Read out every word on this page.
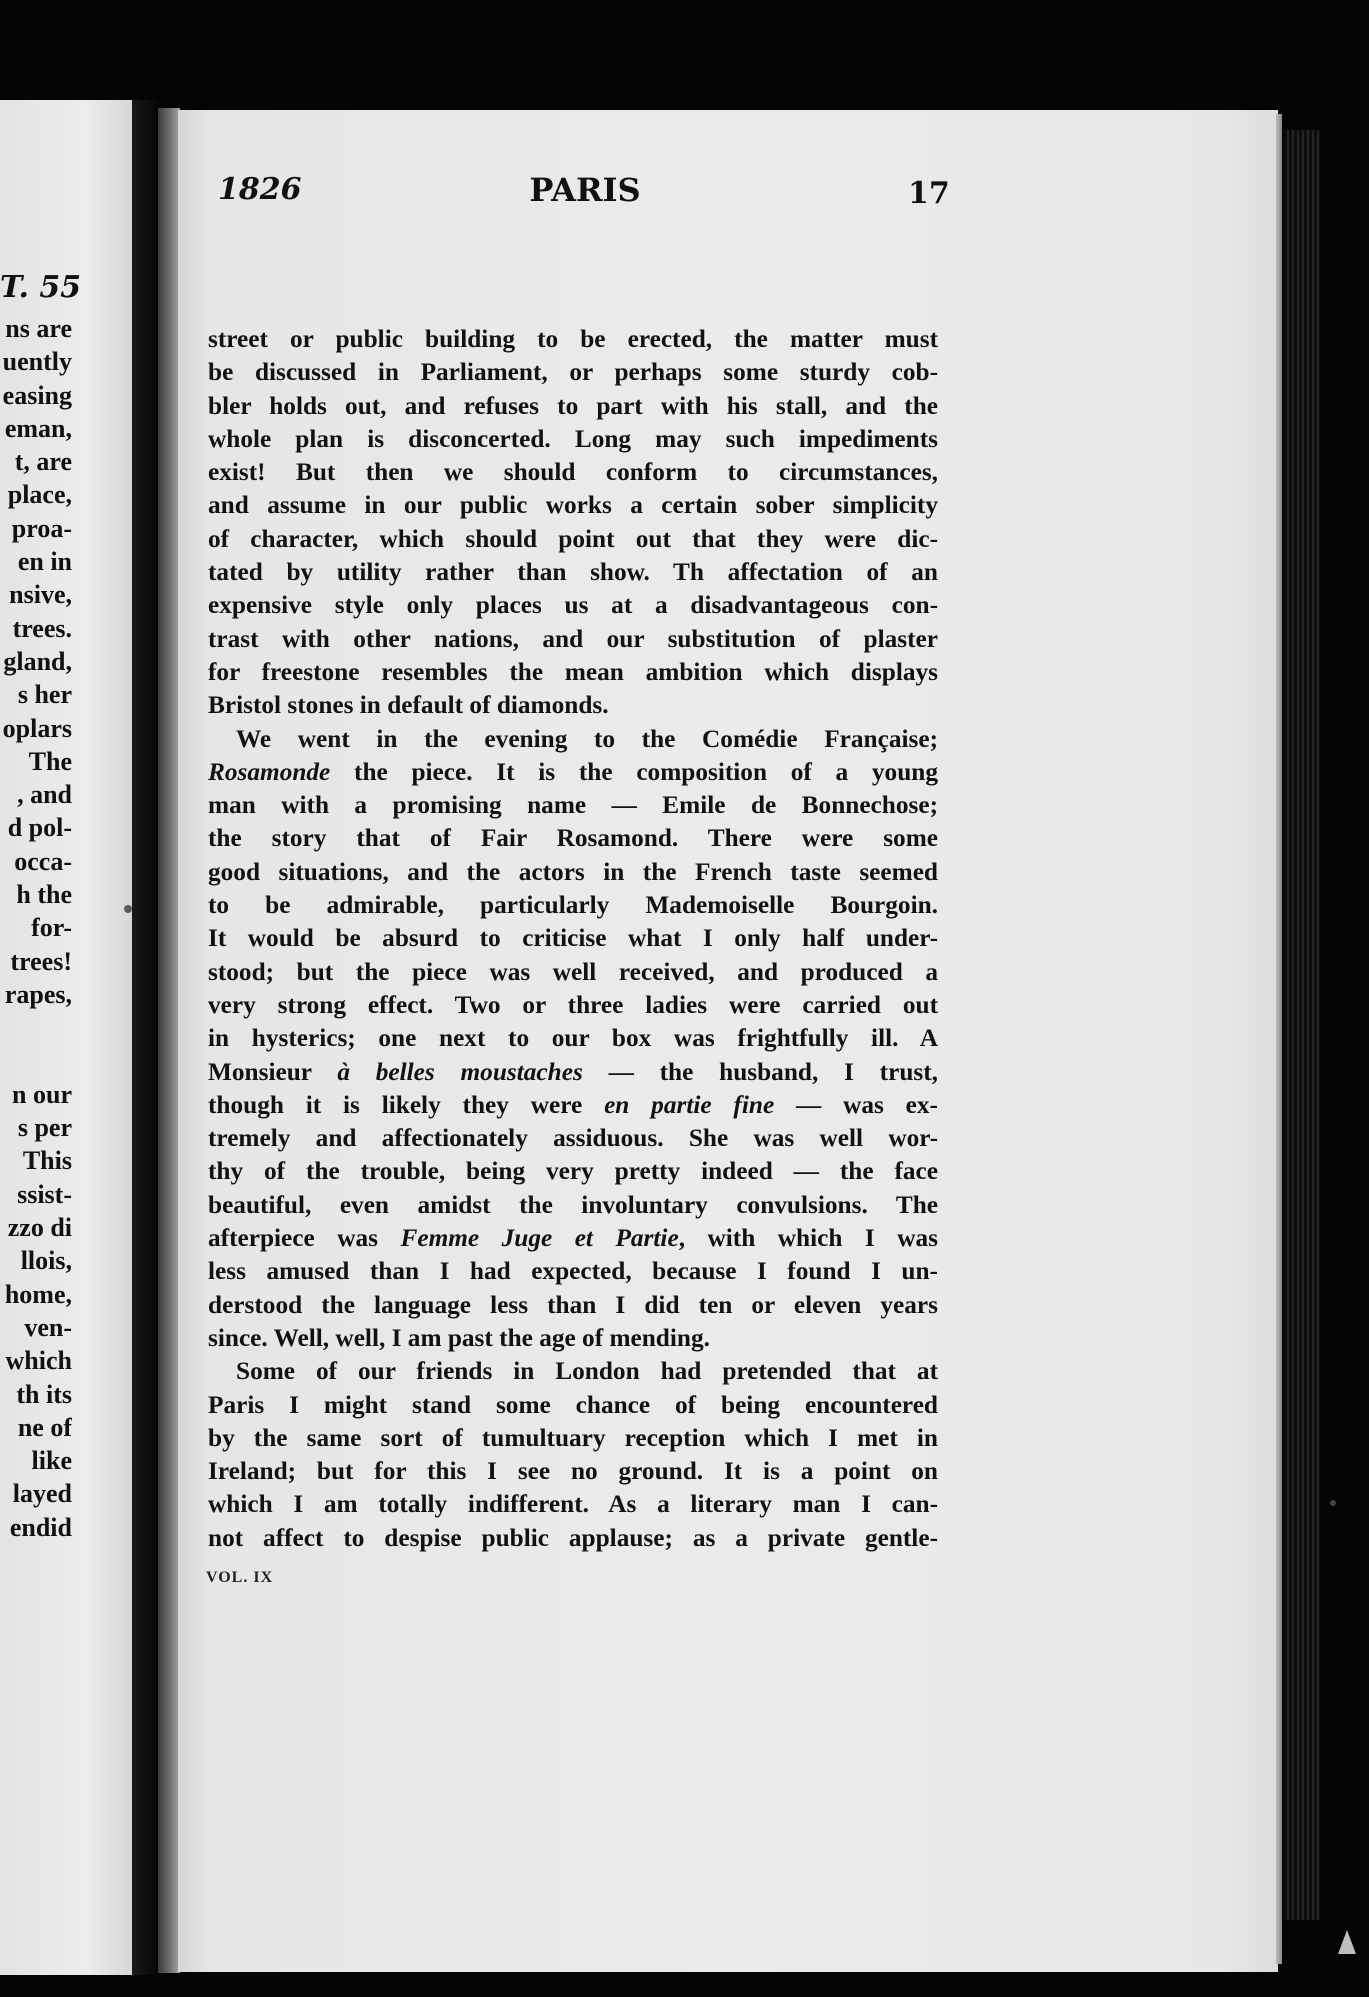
T. 55
ns are
uently
easing
eman,
t, are
place,
proa-
en in
nsive,
trees.
gland,
s her
oplars
The
, and
d pol-
occa-
h the
for-
trees!
rapes,
n our
s per
This
ssist-
zzo di
llois,
home,
ven-
which
th its
ne of
like
layed
endid
1826	PARIS	17
street or public building to be erected, the matter must
be discussed in Parliament, or perhaps some sturdy cob-
bler holds out, and refuses to part with his stall, and the
whole plan is disconcerted. Long may such impediments
exist! But then we should conform to circumstances,
and assume in our public works a certain sober simplicity
of character, which should point out that they were dic-
tated by utility rather than show. Th affectation of an
expensive style only places us at a disadvantageous con-
trast with other nations, and our substitution of plaster
for freestone resembles the mean ambition which displays
Bristol stones in default of diamonds.
We went in the evening to the Comédie Française;
Rosamonde the piece. It is the composition of a young
man with a promising name — Emile de Bonnechose;
the story that of Fair Rosamond. There were some
good situations, and the actors in the French taste seemed
to be admirable, particularly Mademoiselle Bourgoin.
It would be absurd to criticise what I only half under-
stood; but the piece was well received, and produced a
very strong effect. Two or three ladies were carried out
in hysterics; one next to our box was frightfully ill. A
Monsieur à belles moustaches — the husband, I trust,
though it is likely they were en partie fine — was ex-
tremely and affectionately assiduous. She was well wor-
thy of the trouble, being very pretty indeed — the face
beautiful, even amidst the involuntary convulsions. The
afterpiece was Femme Juge et Partie, with which I was
less amused than I had expected, because I found I un-
derstood the language less than I did ten or eleven years
since. Well, well, I am past the age of mending.
Some of our friends in London had pretended that at
Paris I might stand some chance of being encountered
by the same sort of tumultuary reception which I met in
Ireland; but for this I see no ground. It is a point on
which I am totally indifferent. As a literary man I can-
not affect to despise public applause; as a private gentle-
VOL. IX
